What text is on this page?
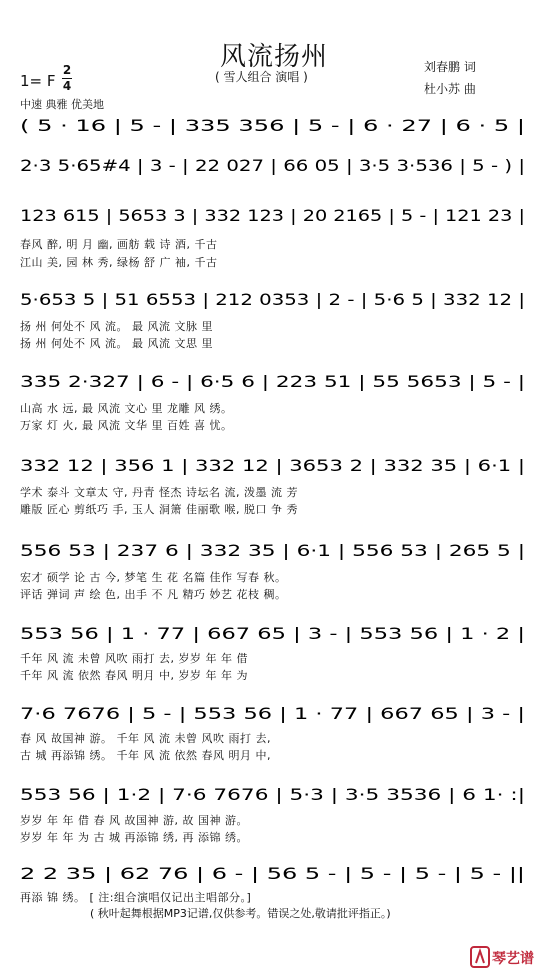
风流扬州
( 雪人组合 演唱 )
刘春鹏 词
杜小苏 曲
1= F
2
4
中速 典雅 优美地
( 5 · 16 | 5 - | 335 356 | 5 - | 6 · 27 | 6 · 5 |
2·3 5·65#4 | 3 - | 22 027 | 66 05 | 3·5 3·536 | 5 - ) |
123 615 | 5653 3 | 332 123 | 20 2165 | 5 - | 121 23 |
春风 醉, 明 月 幽, 画舫 载 诗 酒, 千古
江山 美, 园 林 秀, 绿杨 舒 广 袖, 千古
5·653 5 | 51 6553 | 212 0353 | 2 - | 5·6 5 | 332 12 |
扬 州 何处不 风 流。 最 风流 文脉 里
扬 州 何处不 风 流。 最 风流 文思 里
335 2·327 | 6 - | 6·5 6 | 223 51 | 55 5653 | 5 - |
山高 水 远, 最 风流 文心 里 龙雕 风 绣。
万家 灯 火, 最 风流 文华 里 百姓 喜 忧。
332 12 | 356 1 | 332 12 | 3653 2 | 332 35 | 6·1 |
学术 泰斗 文章太 守, 丹青 怪杰 诗坛名 流, 泼墨 流 芳
雕版 匠心 剪纸巧 手, 玉人 洞箫 佳丽歌 喉, 脱口 争 秀
556 53 | 237 6 | 332 35 | 6·1 | 556 53 | 265 5 |
宏才 硕学 论 古 今, 梦笔 生 花 名篇 佳作 写春 秋。
评话 弹词 声 绘 色, 出手 不 凡 精巧 妙艺 花枝 稠。
553 56 | 1 · 77 | 667 65 | 3 - | 553 56 | 1 · 2 |
千年 风 流 未曾 风吹 雨打 去, 岁岁 年 年 借
千年 风 流 依然 春风 明月 中, 岁岁 年 年 为
7·6 7676 | 5 - | 553 56 | 1 · 77 | 667 65 | 3 - |
春 风 故国神 游。 千年 风 流 未曾 风吹 雨打 去,
古 城 再添锦 绣。 千年 风 流 依然 春风 明月 中,
553 56 | 1·2 | 7·6 7676 | 5·3 | 3·5 3536 | 6 1· :|
岁岁 年 年 借 春 风 故国神 游, 故 国神 游。
岁岁 年 年 为 古 城 再添锦 绣, 再 添锦 绣。
2 2 35 | 62 76 | 6 - | 56 5 - | 5 - | 5 - | 5 - ||
再添 锦 绣。 [ 注:组合演唱仅记出主唱部分。]
( 秋叶起舞根据MP3记谱,仅供参考。错误之处,敬请批评指正。)
琴艺谱
